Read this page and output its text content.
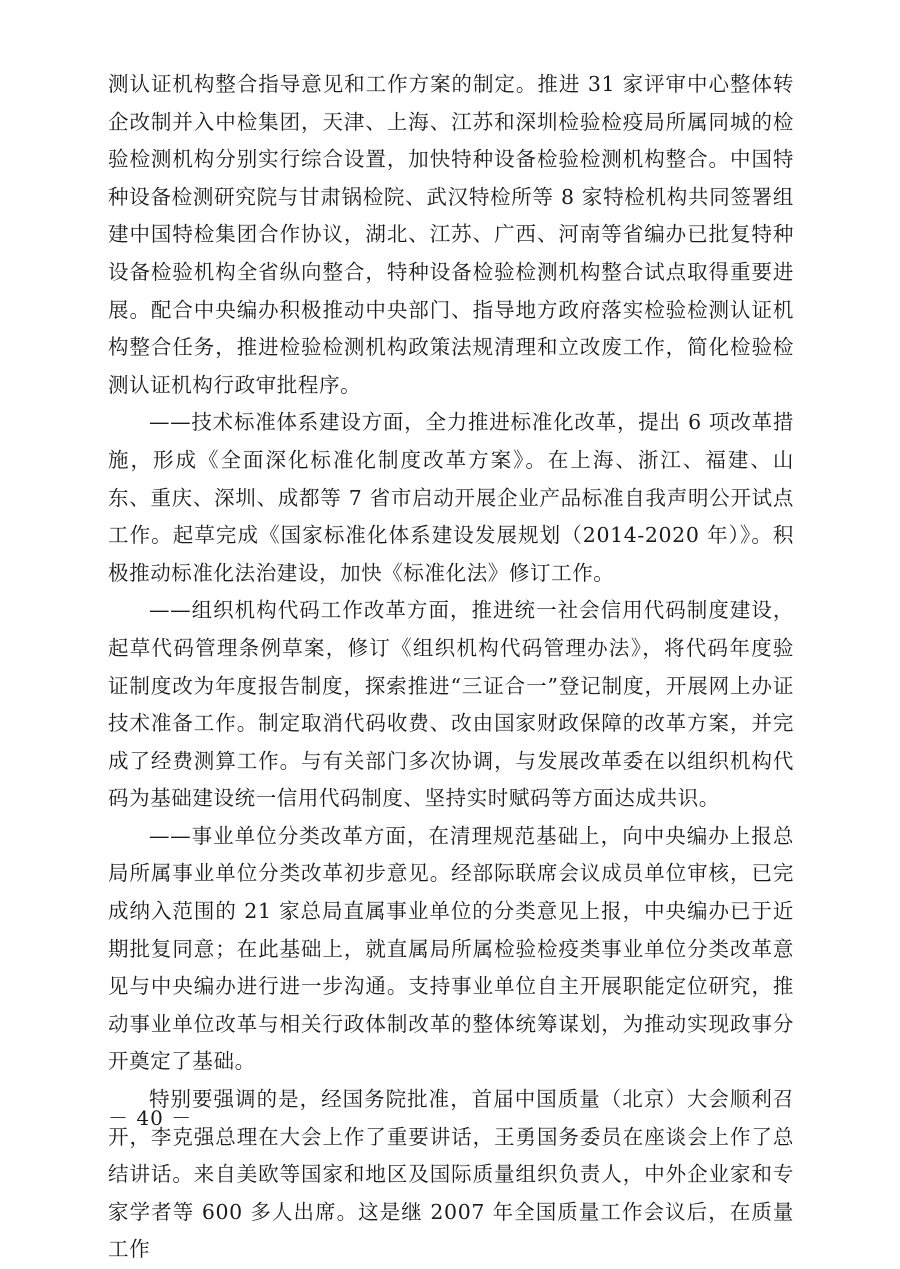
测认证机构整合指导意见和工作方案的制定。推进 31 家评审中心整体转企改制并入中检集团，天津、上海、江苏和深圳检验检疫局所属同城的检验检测机构分别实行综合设置，加快特种设备检验检测机构整合。中国特种设备检测研究院与甘肃锅检院、武汉特检所等 8 家特检机构共同签署组建中国特检集团合作协议，湖北、江苏、广西、河南等省编办已批复特种设备检验机构全省纵向整合，特种设备检验检测机构整合试点取得重要进展。配合中央编办积极推动中央部门、指导地方政府落实检验检测认证机构整合任务，推进检验检测机构政策法规清理和立改废工作，简化检验检测认证机构行政审批程序。

——技术标准体系建设方面，全力推进标准化改革，提出 6 项改革措施，形成《全面深化标准化制度改革方案》。在上海、浙江、福建、山东、重庆、深圳、成都等 7 省市启动开展企业产品标准自我声明公开试点工作。起草完成《国家标准化体系建设发展规划（2014-2020 年）》。积极推动标准化法治建设，加快《标准化法》修订工作。

——组织机构代码工作改革方面，推进统一社会信用代码制度建设，起草代码管理条例草案，修订《组织机构代码管理办法》，将代码年度验证制度改为年度报告制度，探索推进“三证合一”登记制度，开展网上办证技术准备工作。制定取消代码收费、改由国家财政保障的改革方案，并完成了经费测算工作。与有关部门多次协调，与发展改革委在以组织机构代码为基础建设统一信用代码制度、坚持实时赋码等方面达成共识。

——事业单位分类改革方面，在清理规范基础上，向中央编办上报总局所属事业单位分类改革初步意见。经部际联席会议成员单位审核，已完成纳入范围的 21 家总局直属事业单位的分类意见上报，中央编办已于近期批复同意；在此基础上，就直属局所属检验检疫类事业单位分类改革意见与中央编办进行进一步沟通。支持事业单位自主开展职能定位研究，推动事业单位改革与相关行政体制改革的整体统筹谋划，为推动实现政事分开奠定了基础。

特别要强调的是，经国务院批准，首届中国质量（北京）大会顺利召开，李克强总理在大会上作了重要讲话，王勇国务委员在座谈会上作了总结讲话。来自美欧等国家和地区及国际质量组织负责人，中外企业家和专家学者等 600 多人出席。这是继 2007 年全国质量工作会议后，在质量工作

－ 40 －
